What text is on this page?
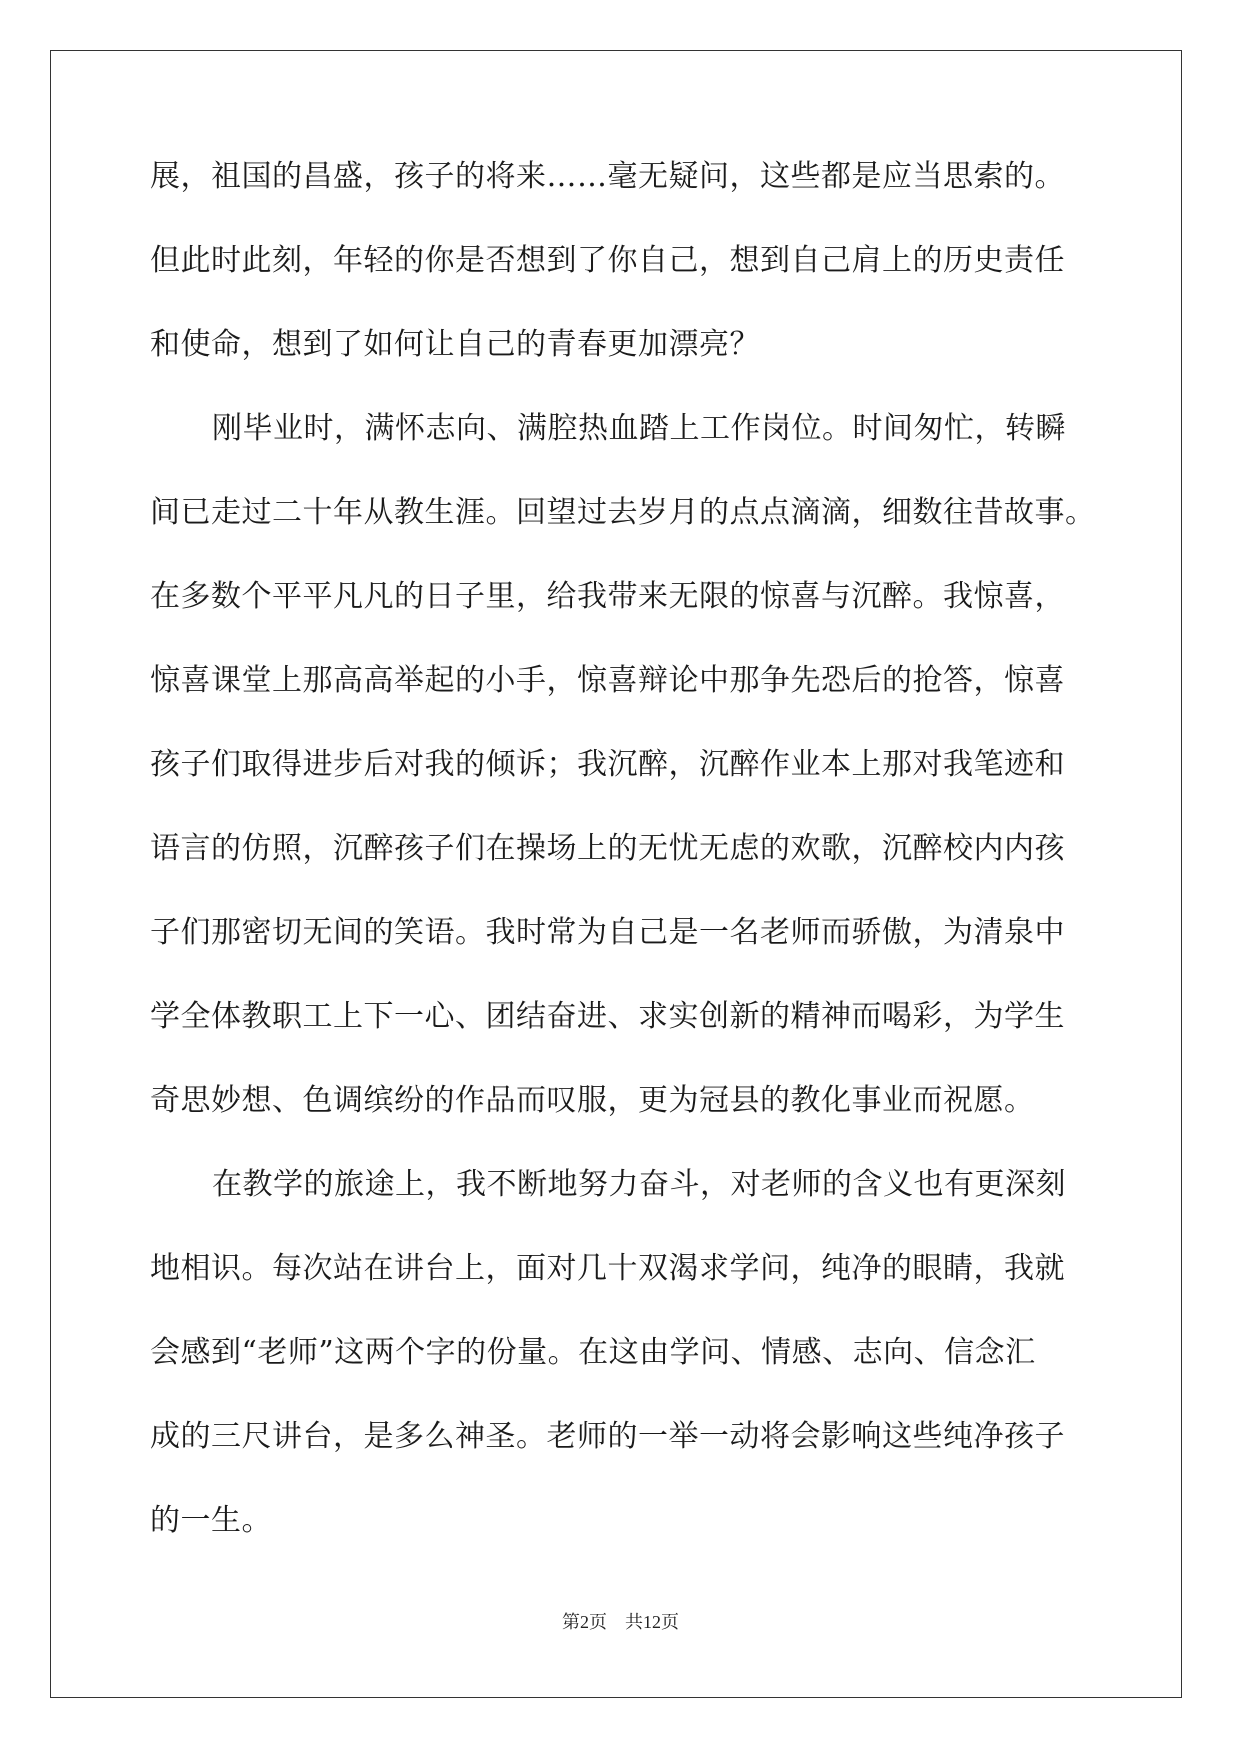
展，祖国的昌盛，孩子的将来……毫无疑问，这些都是应当思索的。
但此时此刻，年轻的你是否想到了你自己，想到自己肩上的历史责任
和使命，想到了如何让自己的青春更加漂亮？
刚毕业时，满怀志向、满腔热血踏上工作岗位。时间匆忙，转瞬
间已走过二十年从教生涯。回望过去岁月的点点滴滴，细数往昔故事。
在多数个平平凡凡的日子里，给我带来无限的惊喜与沉醉。我惊喜，
惊喜课堂上那高高举起的小手，惊喜辩论中那争先恐后的抢答，惊喜
孩子们取得进步后对我的倾诉；我沉醉，沉醉作业本上那对我笔迹和
语言的仿照，沉醉孩子们在操场上的无忧无虑的欢歌，沉醉校内内孩
子们那密切无间的笑语。我时常为自己是一名老师而骄傲，为清泉中
学全体教职工上下一心、团结奋进、求实创新的精神而喝彩，为学生
奇思妙想、色调缤纷的作品而叹服，更为冠县的教化事业而祝愿。
在教学的旅途上，我不断地努力奋斗，对老师的含义也有更深刻
地相识。每次站在讲台上，面对几十双渴求学问，纯净的眼睛，我就
会感到“老师”这两个字的份量。在这由学问、情感、志向、信念汇
成的三尺讲台，是多么神圣。老师的一举一动将会影响这些纯净孩子
的一生。
第2页 共12页
